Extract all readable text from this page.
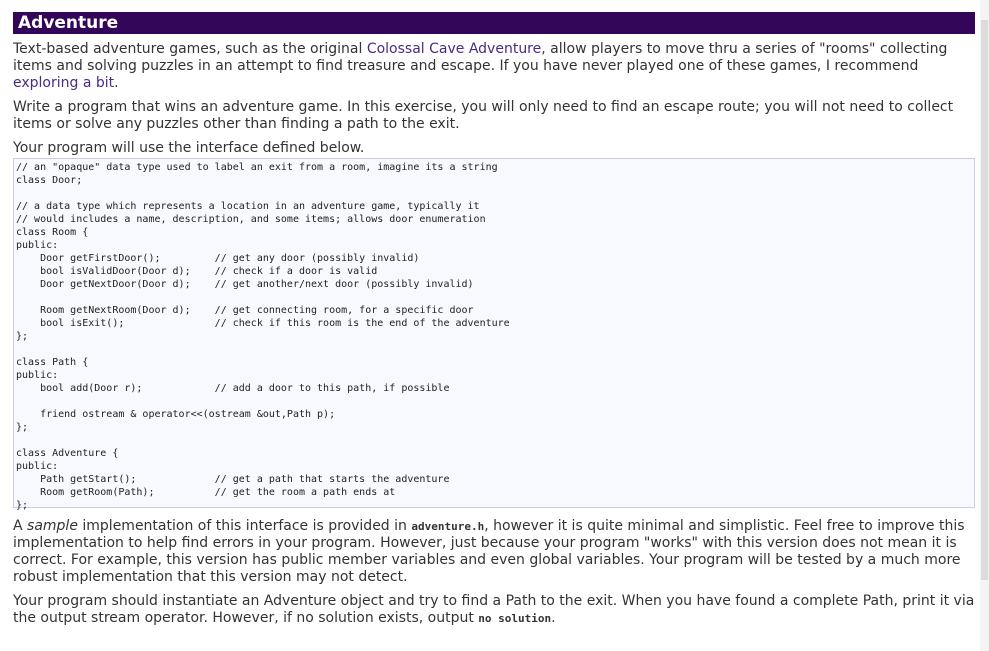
Adventure

Text-based adventure games, such as the original Colossal Cave Adventure, allow players to move thru a series of "rooms" collecting items and solving puzzles in an attempt to find treasure and escape. If you have never played one of these games, I recommend exploring a bit.

Write a program that wins an adventure game. In this exercise, you will only need to find an escape route; you will not need to collect items or solve any puzzles other than finding a path to the exit.

Your program will use the interface defined below.

// an "opaque" data type used to label an exit from a room, imagine its a string
class Door;

// a data type which represents a location in an adventure game, typically it
// would includes a name, description, and some items; allows door enumeration
class Room {
public:
Door getFirstDoor();         // get any door (possibly invalid)
bool isValidDoor(Door d);    // check if a door is valid
Door getNextDoor(Door d);    // get another/next door (possibly invalid)

Room getNextRoom(Door d);    // get connecting room, for a specific door
bool isExit();               // check if this room is the end of the adventure
};

class Path {
public:
bool add(Door r);            // add a door to this path, if possible

friend ostream & operator<<(ostream &out,Path p);
};

class Adventure {
public:
Path getStart();             // get a path that starts the adventure
Room getRoom(Path);          // get the room a path ends at
};

A sample implementation of this interface is provided in adventure.h, however it is quite minimal and simplistic. Feel free to improve this implementation to help find errors in your program. However, just because your program "works" with this version does not mean it is correct. For example, this version has public member variables and even global variables. Your program will be tested by a much more robust implementation that this version may not detect.

Your program should instantiate an Adventure object and try to find a Path to the exit. When you have found a complete Path, print it via the output stream operator. However, if no solution exists, output no solution.
